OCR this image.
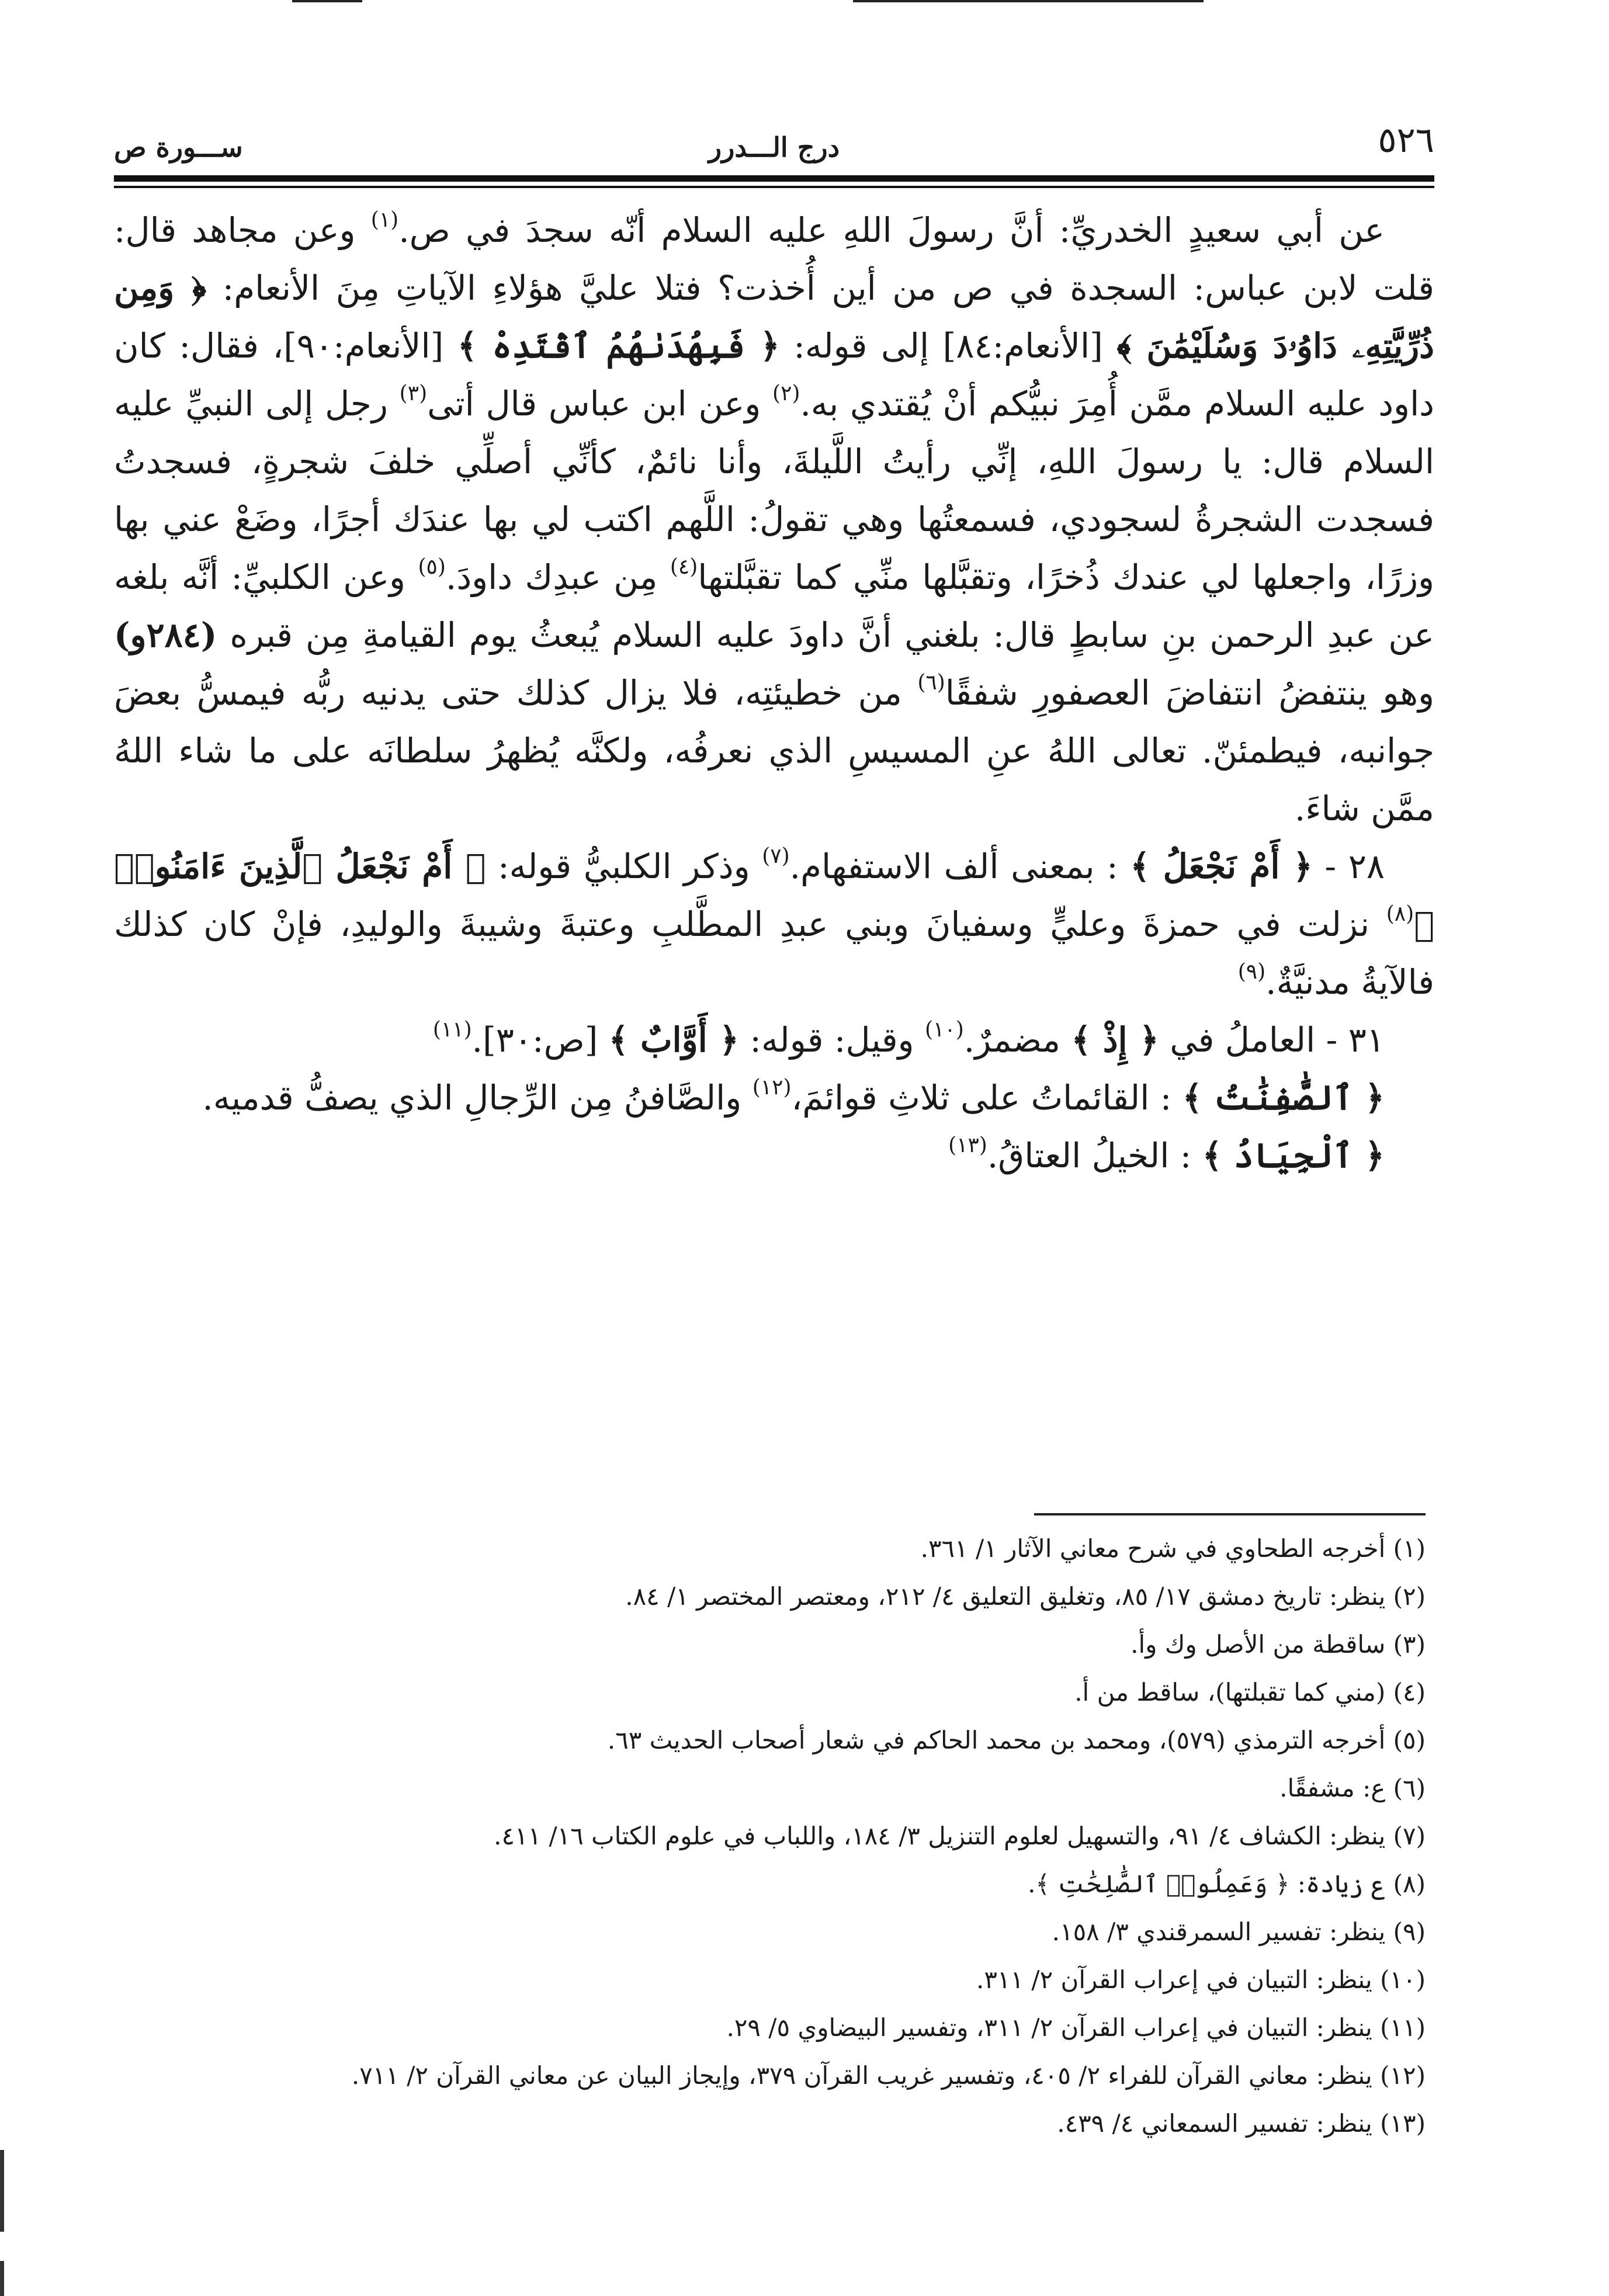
٥٢٦
درج الـــدرر
ســـورة ص

عن أبي سعيدٍ الخدريِّ: أنَّ رسولَ اللهِ عليه السلام أنّه سجدَ في ص.$^{(١)}$ وعن مجاهد قال: قلت لابن عباس: السجدة في ص من أين أُخذت؟ فتلا عليَّ هؤلاءِ الآياتِ مِنَ الأنعام: ﴿ وَمِن ذُرِّيَّتِهِۦ دَاوُۥدَ وَسُلَيْمَٰنَ ﴾ [الأنعام:٨٤] إلى قوله: ﴿ فَبِهُدَىٰهُمُ ٱقْتَدِهْ ﴾ [الأنعام:٩٠]، فقال: كان داود عليه السلام ممَّن أُمِرَ نبيُّكم أنْ يُقتدي به.$^{(٢)}$ وعن ابن عباس قال أتى$^{(٣)}$ رجل إلى النبيِّ عليه السلام قال: يا رسولَ اللهِ، إنِّي رأيتُ اللَّيلةَ، وأنا نائمٌ، كأنِّي أصلِّي خلفَ شجرةٍ، فسجدتُ فسجدت الشجرةُ لسجودي، فسمعتُها وهي تقولُ: اللَّهم اكتب لي بها عندَك أجرًا، وضَعْ عني بها وزرًا، واجعلها لي عندك ذُخرًا، وتقبَّلها منِّي كما تقبَّلتها$^{(٤)}$ مِن عبدِك داودَ.$^{(٥)}$ وعن الكلبيِّ: أنَّه بلغه عن عبدِ الرحمن بنِ سابطٍ قال: بلغني أنَّ داودَ عليه السلام يُبعثُ يوم القيامةِ مِن قبره (٢٨٤و) وهو ينتفضُ انتفاضَ العصفورِ شفقًا$^{(٦)}$ من خطيئتِه، فلا يزال كذلك حتى يدنيه ربُّه فيمسُّ بعضَ جوانبه، فيطمئنّ. تعالى اللهُ عنِ المسيسِ الذي نعرفُه، ولكنَّه يُظهرُ سلطانَه على ما شاء اللهُ ممَّن شاءَ.

٢٨ - ﴿ أَمْ نَجْعَلُ ﴾ : بمعنى ألف الاستفهام.$^{(٧)}$ وذكر الكلبيُّ قوله: ﴿ أَمْ نَجْعَلُ ٱلَّذِينَ ءَامَنُوا۟ ﴾$^{(٨)}$ نزلت في حمزةَ وعليٍّ وسفيانَ وبني عبدِ المطَّلبِ وعتبةَ وشيبةَ والوليدِ، فإنْ كان كذلك فالآيةُ مدنيَّةٌ.$^{(٩)}$

٣١ - العاملُ في ﴿ إِذْ ﴾ مضمرٌ.$^{(١٠)}$ وقيل: قوله: ﴿ أَوَّابٌ ﴾ [ص:٣٠].$^{(١١)}$

﴿ ٱلصَّٰفِنَٰتُ ﴾ : القائماتُ على ثلاثِ قوائمَ،$^{(١٢)}$ والصَّافنُ مِن الرِّجالِ الذي يصفُّ قدميه.

﴿ ٱلْجِيَادُ ﴾ : الخيلُ العتاقُ.$^{(١٣)}$

(١) أخرجه الطحاوي في شرح معاني الآثار ١/ ٣٦١.
(٢) ينظر: تاريخ دمشق ١٧/ ٨٥، وتغليق التعليق ٤/ ٢١٢، ومعتصر المختصر ١/ ٨٤.
(٣) ساقطة من الأصل وك وأ.
(٤) (مني كما تقبلتها)، ساقط من أ.
(٥) أخرجه الترمذي (٥٧٩)، ومحمد بن محمد الحاكم في شعار أصحاب الحديث ٦٣.
(٦) ع: مشفقًا.
(٧) ينظر: الكشاف ٤/ ٩١، والتسهيل لعلوم التنزيل ٣/ ١٨٤، واللباب في علوم الكتاب ١٦/ ٤١١.
(٨) ع زيادة: ﴿ وَعَمِلُوا۟ ٱلصَّٰلِحَٰتِ ﴾.
(٩) ينظر: تفسير السمرقندي ٣/ ١٥٨.
(١٠) ينظر: التبيان في إعراب القرآن ٢/ ٣١١.
(١١) ينظر: التبيان في إعراب القرآن ٢/ ٣١١، وتفسير البيضاوي ٥/ ٢٩.
(١٢) ينظر: معاني القرآن للفراء ٢/ ٤٠٥، وتفسير غريب القرآن ٣٧٩، وإيجاز البيان عن معاني القرآن ٢/ ٧١١.
(١٣) ينظر: تفسير السمعاني ٤/ ٤٣٩.
